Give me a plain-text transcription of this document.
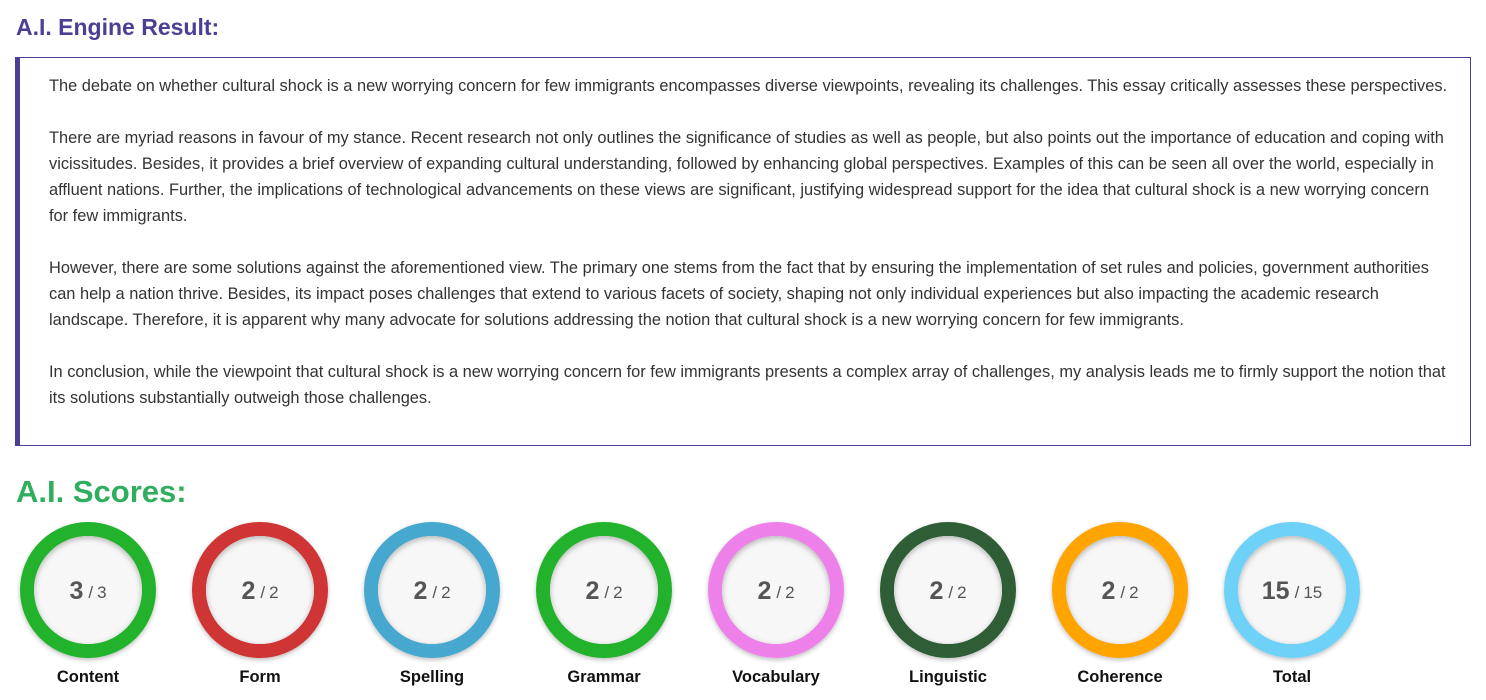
A.I. Engine Result:

The debate on whether cultural shock is a new worrying concern for few immigrants encompasses diverse viewpoints, revealing its challenges. This essay critically assesses these perspectives.

There are myriad reasons in favour of my stance. Recent research not only outlines the significance of studies as well as people, but also points out the importance of education and coping with vicissitudes. Besides, it provides a brief overview of expanding cultural understanding, followed by enhancing global perspectives. Examples of this can be seen all over the world, especially in affluent nations. Further, the implications of technological advancements on these views are significant, justifying widespread support for the idea that cultural shock is a new worrying concern for few immigrants.

However, there are some solutions against the aforementioned view. The primary one stems from the fact that by ensuring the implementation of set rules and policies, government authorities can help a nation thrive. Besides, its impact poses challenges that extend to various facets of society, shaping not only individual experiences but also impacting the academic research landscape. Therefore, it is apparent why many advocate for solutions addressing the notion that cultural shock is a new worrying concern for few immigrants.

In conclusion, while the viewpoint that cultural shock is a new worrying concern for few immigrants presents a complex array of challenges, my analysis leads me to firmly support the notion that its solutions substantially outweigh those challenges.

A.I. Scores:
3 / 3
Content
2 / 2
Form
2 / 2
Spelling
2 / 2
Grammar
2 / 2
Vocabulary
2 / 2
Linguistic
2 / 2
Coherence
15 / 15
Total
